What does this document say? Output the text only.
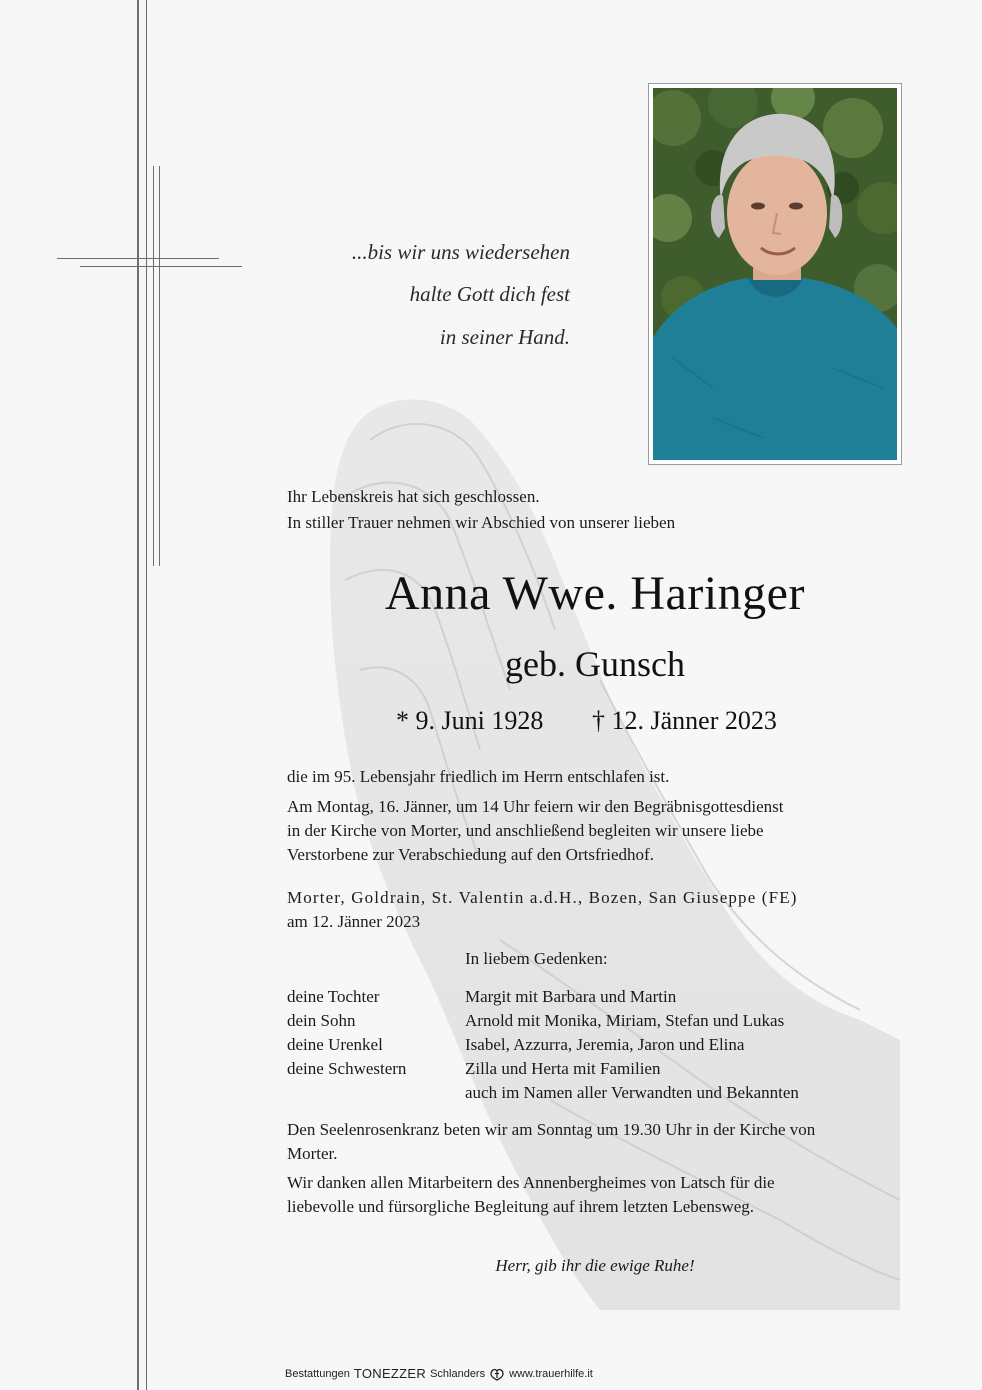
...bis wir uns wiedersehen
halte Gott dich fest
in seiner Hand.
Ihr Lebenskreis hat sich geschlossen.
In stiller Trauer nehmen wir Abschied von unserer lieben
Anna Wwe. Haringer
geb. Gunsch
* 9. Juni 1928 † 12. Jänner 2023
die im 95. Lebensjahr friedlich im Herrn entschlafen ist.
Am Montag, 16. Jänner, um 14 Uhr feiern wir den Begräbnisgottesdienst
in der Kirche von Morter, und anschließend begleiten wir unsere liebe
Verstorbene zur Verabschiedung auf den Ortsfriedhof.
Morter, Goldrain, St. Valentin a.d.H., Bozen, San Giuseppe (FE)
am 12. Jänner 2023
In liebem Gedenken:
deine Tochter	Margit mit Barbara und Martin
dein Sohn	Arnold mit Monika, Miriam, Stefan und Lukas
deine Urenkel	Isabel, Azzurra, Jeremia, Jaron und Elina
deine Schwestern	Zilla und Herta mit Familien
auch im Namen aller Verwandten und Bekannten
Den Seelenrosenkranz beten wir am Sonntag um 19.30 Uhr in der Kirche von
Morter.
Wir danken allen Mitarbeitern des Annenbergheimes von Latsch für die
liebevolle und fürsorgliche Begleitung auf ihrem letzten Lebensweg.
Herr, gib ihr die ewige Ruhe!
Bestattungen TONEZZER Schlanders www.trauerhilfe.it
